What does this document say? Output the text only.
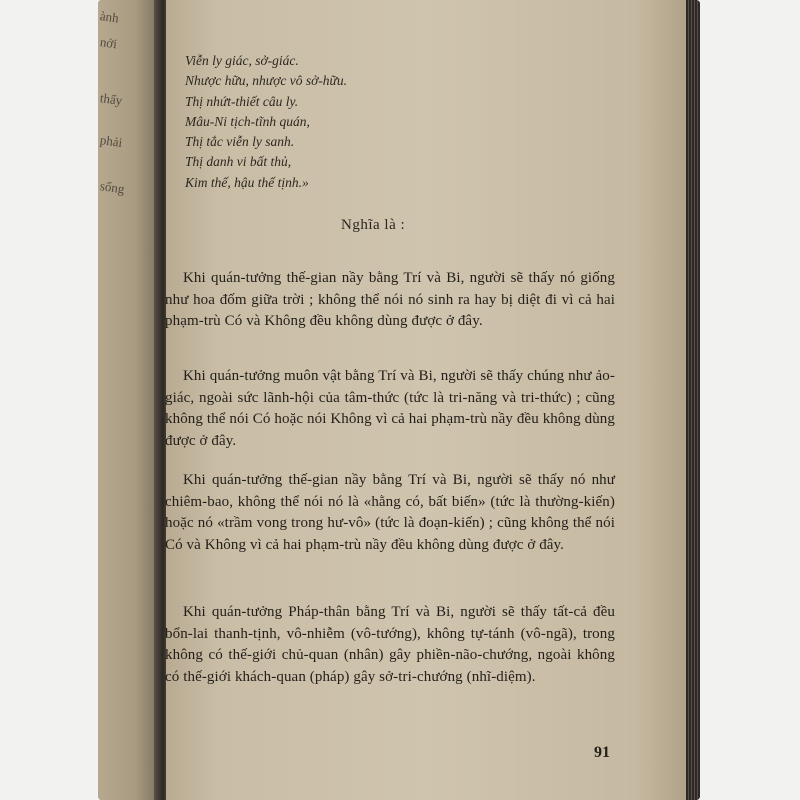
ành
nới
thấy
phải
sống
Viễn ly giác, sở-giác.
Nhược hữu, nhược vô sở-hữu.
Thị nhứt-thiết câu ly.
Mâu-Ni tịch-tĩnh quán,
Thị tắc viễn ly sanh.
Thị danh vi bất thủ,
Kim thế, hậu thế tịnh.»
Nghĩa là :
Khi quán-tưởng thế-gian nầy bằng Trí và Bi, người sẽ thấy nó giống như hoa đốm giữa trời ; không thể nói nó sinh ra hay bị diệt đi vì cả hai phạm-trù Có và Không đều không dùng được ở đây.
Khi quán-tưởng muôn vật bằng Trí và Bi, người sẽ thấy chúng như ảo-giác, ngoài sức lãnh-hội của tâm-thức (tức là tri-năng và tri-thức) ; cũng không thể nói Có hoặc nói Không vì cả hai phạm-trù nầy đều không dùng được ở đây.
Khi quán-tưởng thế-gian nầy bằng Trí và Bi, người sẽ thấy nó như chiêm-bao, không thể nói nó là «hằng có, bất biến» (tức là thường-kiến) hoặc nó «trầm vong trong hư-vô» (tức là đoạn-kiến) ; cũng không thể nói Có và Không vì cả hai phạm-trù nầy đều không dùng được ở đây.
Khi quán-tưởng Pháp-thân bằng Trí và Bi, người sẽ thấy tất-cả đều bổn-lai thanh-tịnh, vô-nhiễm (vô-tướng), không tự-tánh (vô-ngã), trong không có thế-giới chủ-quan (nhân) gây phiền-não-chướng, ngoài không có thế-giới khách-quan (pháp) gây sở-tri-chướng (nhĩ-diệm).
91
